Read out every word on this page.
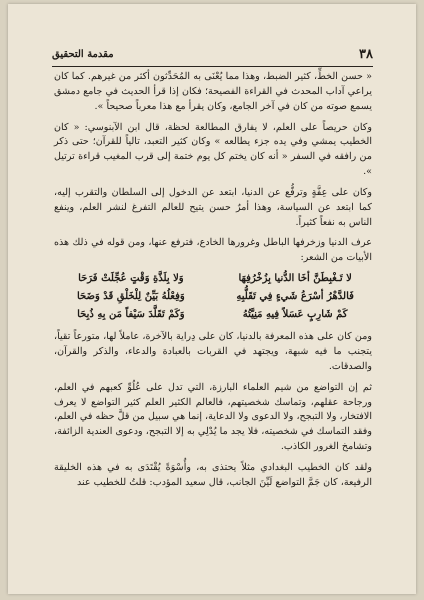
٣٨
مقدمة التحقيق

« حسن الخطِّ، كثير الضبط، وهذا مما يُعْنَى به المُحَدِّثون أكثر من غيرهم. كما كان يراعي آداب المحدث في القراءة الفصيحة؛ فكان إذا قرأ الحديث في جامع دمشق يسمع صوته من كان في آخر الجامع، وكان يقرأ مع هذا معرباً صحيحاً ».

وكان حريصاً على العلم، لا يفارق المطالعة لحظة، قال ابن الآبنوسي: « كان الخطيب يمشي وفي يده جزء يطالعه » وكان كثير التعبد، تالياً للقرآن؛ حتى ذكر من رافقه في السفر « أنه كان يختم كل يوم ختمة إلى قرب المغيب قراءة ترتيل ».

وكان على عِفَّةٍ وترفُّع عن الدنيا، ابتعد عن الدخول إلى السلطان والتقرب إليه، كما ابتعد عن السياسة، وهذا أمرٌ حسن يتيح للعالم التفرغ لنشر العلم، وينفع الناس به نفعاً كثيراً.

عرف الدنيا وزخرفها الباطل وغرورها الخادع، فترفع عنها، ومن قوله في ذلك هذه الأبيات من الشعر:

لا تَـغْبِطَنَّ أخَا الدُّنيا بِزُخْرُفِهَا
وَلا بِلَذَّةِ وَقْتٍ عُجِّلَتْ فَرَحَا
فَالدَّهْرُ أسْرَعُ شَيءٍ فِي تَقَلُّبِهِ
وَفِعْلُهُ بَيِّنٌ لِلْخَلْقِ قَدْ وَضَحَا
كَمْ شَارِبٍ عَسَلاً فِيهِ مَنِيَّتُهُ
وَكَمْ تَقَلَّدَ سَيْفاً مَن بِهِ ذُبِحَا

ومن كان على هذه المعرفة بالدنيا، كان على دِراية بالآخرة، عاملاً لها، متورعاً تقياً، يتجنب ما فيه شبهة، ويجتهد في القربات بالعبادة والدعاء، والذكر والقرآن، والصدقات.

ثم إن التواضع من شيم العلماء البارزة، التي تدل على عُلُوِّ كعبهم في العلم، ورجاحة عقلهم، وتماسك شخصيتهم، فالعالم الكثير العلم كثير التواضع لا يعرف الافتخار، ولا التبجح، ولا الدعوى ولا الدعاية، إنما هي سبيل من قلَّ حظه في العلم، وفقد التماسك في شخصيته، فلا يجد ما يُدْلِي به إلا التبجح، ودعوى العندية الزائفة، وتشامخ الغرور الكاذب.

ولقد كان الخطيب البغدادي مثلاً يحتذى به، وأُسْوَةً يُقْتَدَى به في هذه الخليقة الرفيعة، كان جَمَّ التواضع لَيِّنَ الجانب، قال سعيد المؤدب: قلتُ للخطيب عند
